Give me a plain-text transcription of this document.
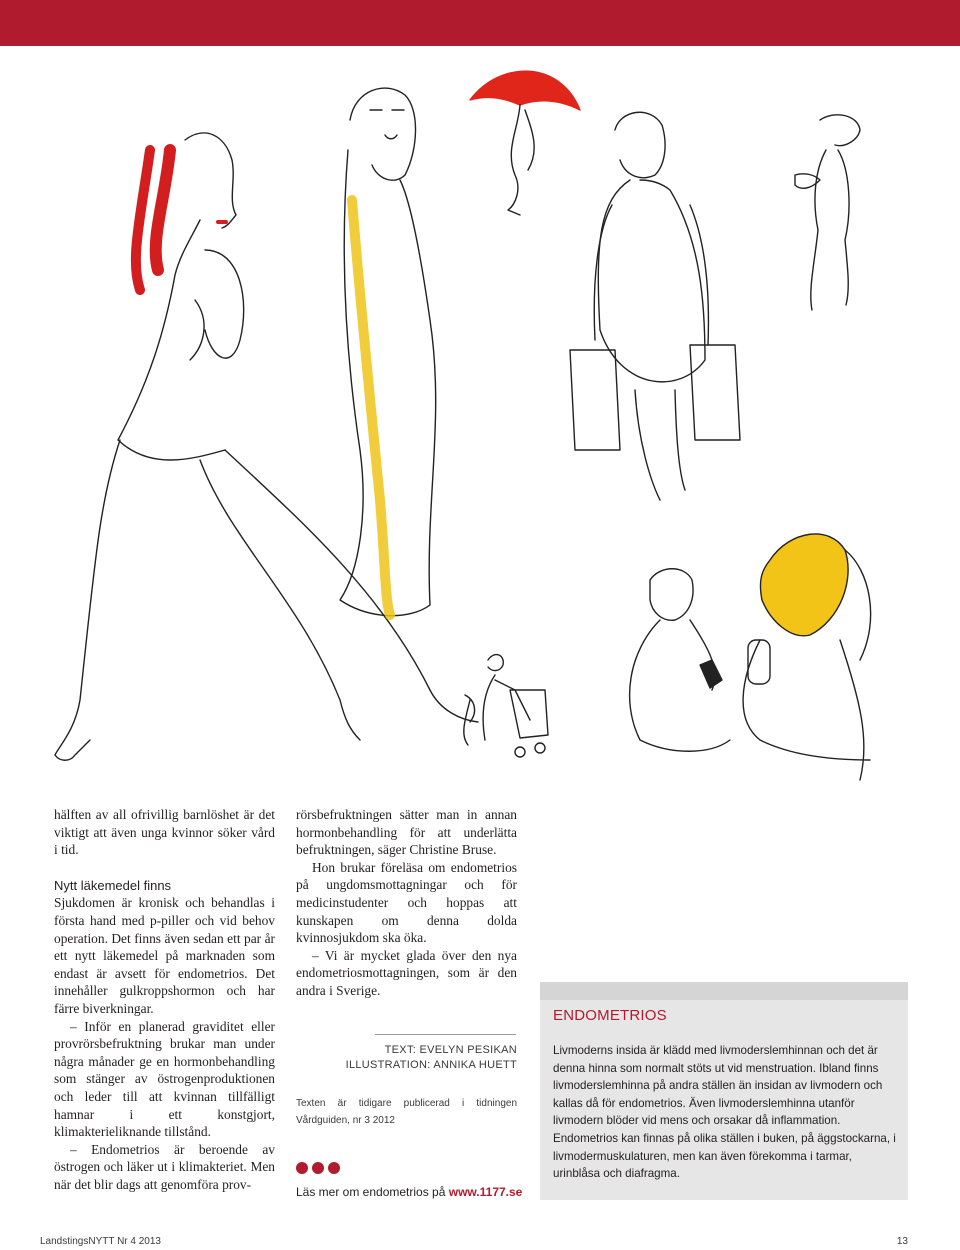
hälften av all ofrivillig barnlöshet är det viktigt att även unga kvinnor söker vård i tid.

Nytt läkemedel finns

Sjukdomen är kronisk och behandlas i första hand med p-piller och vid behov operation. Det finns även sedan ett par år ett nytt läkemedel på marknaden som endast är avsett för endometrios. Det innehåller gulkroppshormon och har färre biverkningar.

– Inför en planerad graviditet eller provrörsbefruktning brukar man under några månader ge en hormonbehandling som stänger av östrogenproduktionen och leder till att kvinnan tillfälligt hamnar i ett konstgjort, klimakterieliknande tillstånd.

– Endometrios är beroende av östrogen och läker ut i klimakteriet. Men när det blir dags att genomföra prov-

rörsbefruktningen sätter man in annan hormonbehandling för att underlätta befruktningen, säger Christine Bruse.

Hon brukar föreläsa om endometrios på ungdomsmottagningar och för medicinstudenter och hoppas att kunskapen om denna dolda kvinnosjukdom ska öka.

– Vi är mycket glada över den nya endometriosmottagningen, som är den andra i Sverige.

TEXT: EVELYN PESIKAN
ILLUSTRATION: ANNIKA HUETT
Texten är tidigare publicerad i tidningen Vårdguiden, nr 3 2012
Läs mer om endometrios på www.1177.se
ENDOMETRIOS
Livmoderns insida är klädd med livmoderslemhinnan och det är denna hinna som normalt stöts ut vid menstruation. Ibland finns livmoderslemhinna på andra ställen än insidan av livmodern och kallas då för endometrios. Även livmoderslemhinna utanför livmodern blöder vid mens och orsakar då inflammation. Endometrios kan finnas på olika ställen i buken, på äggstockarna, i livmodermuskulaturen, men kan även förekomma i tarmar, urinblåsa och diafragma.
LandstingsNYTT Nr 4 2013	13
